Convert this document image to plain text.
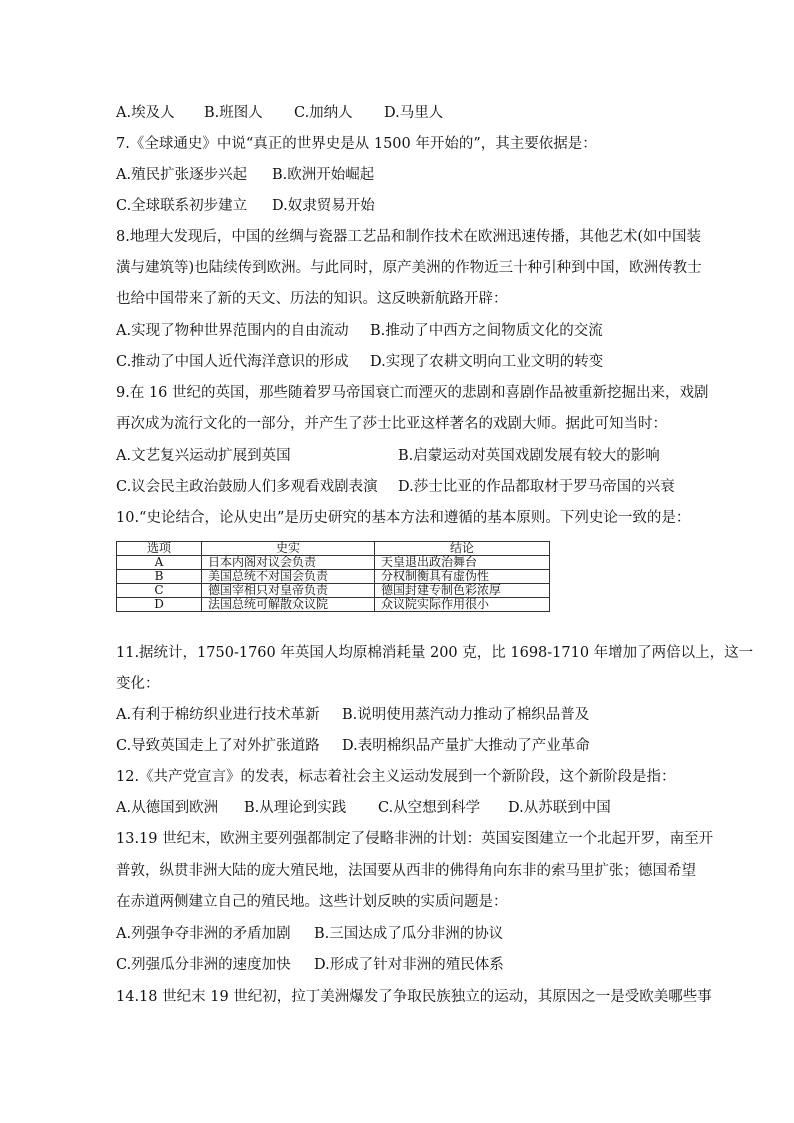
A.埃及人 B.班图人 C.加纳人 D.马里人
7.《全球通史》中说“真正的世界史是从 1500 年开始的”，其主要依据是：
A.殖民扩张逐步兴起 B.欧洲开始崛起
C.全球联系初步建立 D.奴隶贸易开始
8.地理大发现后，中国的丝绸与瓷器工艺品和制作技术在欧洲迅速传播，其他艺术(如中国装
潢与建筑等)也陆续传到欧洲。与此同时，原产美洲的作物近三十种引种到中国，欧洲传教士
也给中国带来了新的天文、历法的知识。这反映新航路开辟：
A.实现了物种世界范围内的自由流动 B.推动了中西方之间物质文化的交流
C.推动了中国人近代海洋意识的形成 D.实现了农耕文明向工业文明的转变
9.在 16 世纪的英国，那些随着罗马帝国衰亡而湮灭的悲剧和喜剧作品被重新挖掘出来，戏剧
再次成为流行文化的一部分，并产生了莎士比亚这样著名的戏剧大师。据此可知当时：
A.文艺复兴运动扩展到英国	B.启蒙运动对英国戏剧发展有较大的影响
C.议会民主政治鼓励人们多观看戏剧表演 D.莎士比亚的作品都取材于罗马帝国的兴衰
10.“史论结合，论从史出”是历史研究的基本方法和遵循的基本原则。下列史论一致的是：
选项	史实	结论
A	日本内阁对议会负责	天皇退出政治舞台
B	美国总统不对国会负责	分权制衡具有虚伪性
C	德国宰相只对皇帝负责	德国封建专制色彩浓厚
D	法国总统可解散众议院	众议院实际作用很小
11.据统计，1750-1760 年英国人均原棉消耗量 200 克，比 1698-1710 年增加了两倍以上，这一
变化：
A.有利于棉纺织业进行技术革新 B.说明使用蒸汽动力推动了棉织品普及
C.导致英国走上了对外扩张道路 D.表明棉织品产量扩大推动了产业革命
12.《共产党宣言》的发表，标志着社会主义运动发展到一个新阶段，这个新阶段是指：
A.从德国到欧洲 B.从理论到实践 C.从空想到科学 D.从苏联到中国
13.19 世纪末，欧洲主要列强都制定了侵略非洲的计划：英国妄图建立一个北起开罗，南至开
普敦，纵贯非洲大陆的庞大殖民地，法国要从西非的佛得角向东非的索马里扩张；德国希望
在赤道两侧建立自己的殖民地。这些计划反映的实质问题是：
A.列强争夺非洲的矛盾加剧 B.三国达成了瓜分非洲的协议
C.列强瓜分非洲的速度加快 D.形成了针对非洲的殖民体系
14.18 世纪末 19 世纪初，拉丁美洲爆发了争取民族独立的运动，其原因之一是受欧美哪些事
